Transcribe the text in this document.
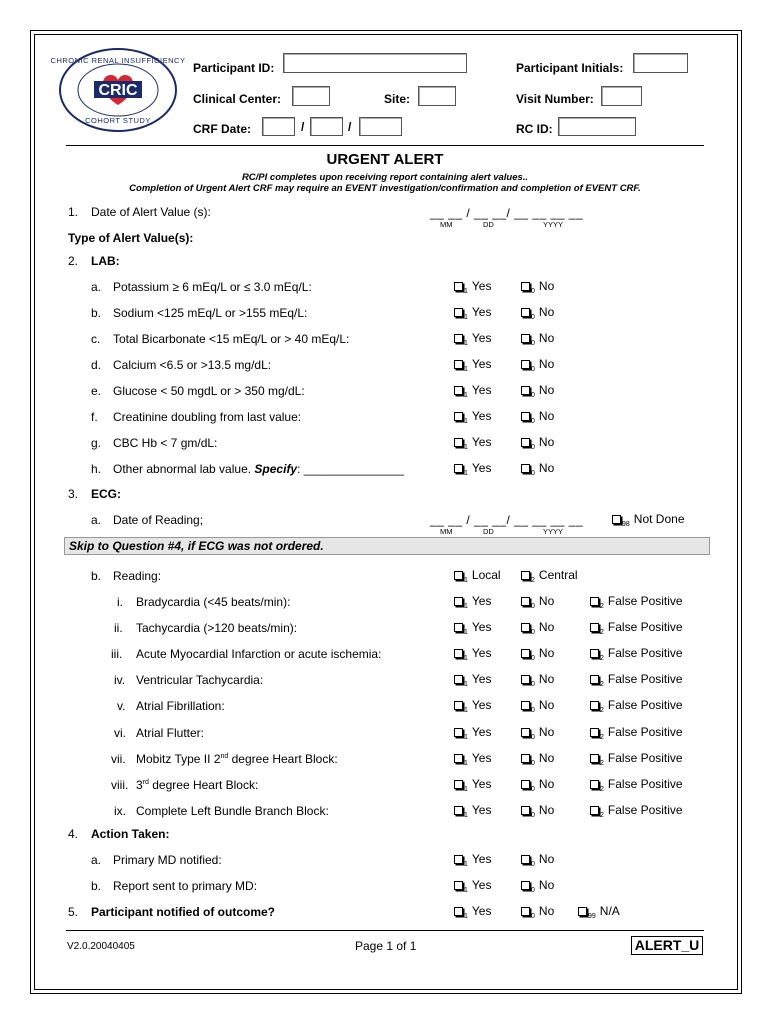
CRIC
CHRONIC RENAL INSUFFICIENCY
COHORT STUDY
Participant ID:	Participant Initials:
Clinical Center:	Site:	Visit Number:
CRF Date:	/	/	RC ID:
URGENT ALERT
RC/PI completes upon receiving report containing alert values..
Completion of Urgent Alert CRF may require an EVENT investigation/confirmation and completion of EVENT CRF.
1. Date of Alert Value (s):	__ __ / __ __/ __ __ __ __
MM	DD	YYYY
Type of Alert Value(s):
2. LAB:
a. Potassium ≥ 6 mEq/L or ≤ 3.0 mEq/L:	$_1$ Yes	$_0$ No
b. Sodium <125 mEq/L or >155 mEq/L:	$_1$ Yes	$_0$ No
c. Total Bicarbonate <15 mEq/L or > 40 mEq/L:	$_1$ Yes	$_0$ No
d. Calcium <6.5 or >13.5 mg/dL:	$_1$ Yes	$_0$ No
e. Glucose < 50 mgdL or > 350 mg/dL:	$_1$ Yes	$_0$ No
f. Creatinine doubling from last value:	$_1$ Yes	$_0$ No
g. CBC Hb < 7 gm/dL:	$_1$ Yes	$_0$ No
h. Other abnormal lab value. Specify: _______________	$_1$ Yes	$_0$ No
3. ECG:
a. Date of Reading;	__ __ / __ __/ __ __ __ __
MM	DD	YYYY
$_{98}$ Not Done
Skip to Question #4, if ECG was not ordered.
b. Reading:	$_1$ Local	$_2$ Central
i. Bradycardia (<45 beats/min):	$_1$ Yes	$_0$ No	$_2$ False Positive
ii. Tachycardia (>120 beats/min):	$_1$ Yes	$_0$ No	$_2$ False Positive
iii. Acute Myocardial Infarction or acute ischemia:	$_1$ Yes	$_0$ No	$_2$ False Positive
iv. Ventricular Tachycardia:	$_1$ Yes	$_0$ No	$_2$ False Positive
v. Atrial Fibrillation:	$_1$ Yes	$_0$ No	$_2$ False Positive
vi. Atrial Flutter:	$_1$ Yes	$_0$ No	$_2$ False Positive
vii. Mobitz Type II 2nd degree Heart Block:	$_1$ Yes	$_0$ No	$_2$ False Positive
viii. 3rd degree Heart Block:	$_1$ Yes	$_0$ No	$_2$ False Positive
ix. Complete Left Bundle Branch Block:	$_1$ Yes	$_0$ No	$_2$ False Positive
4. Action Taken:
a. Primary MD notified:	$_1$ Yes	$_0$ No
b. Report sent to primary MD:	$_1$ Yes	$_0$ No
5. Participant notified of outcome?	$_1$ Yes	$_0$ No	$_{99}$ N/A
V2.0.20040405	Page 1 of 1	ALERT_U
